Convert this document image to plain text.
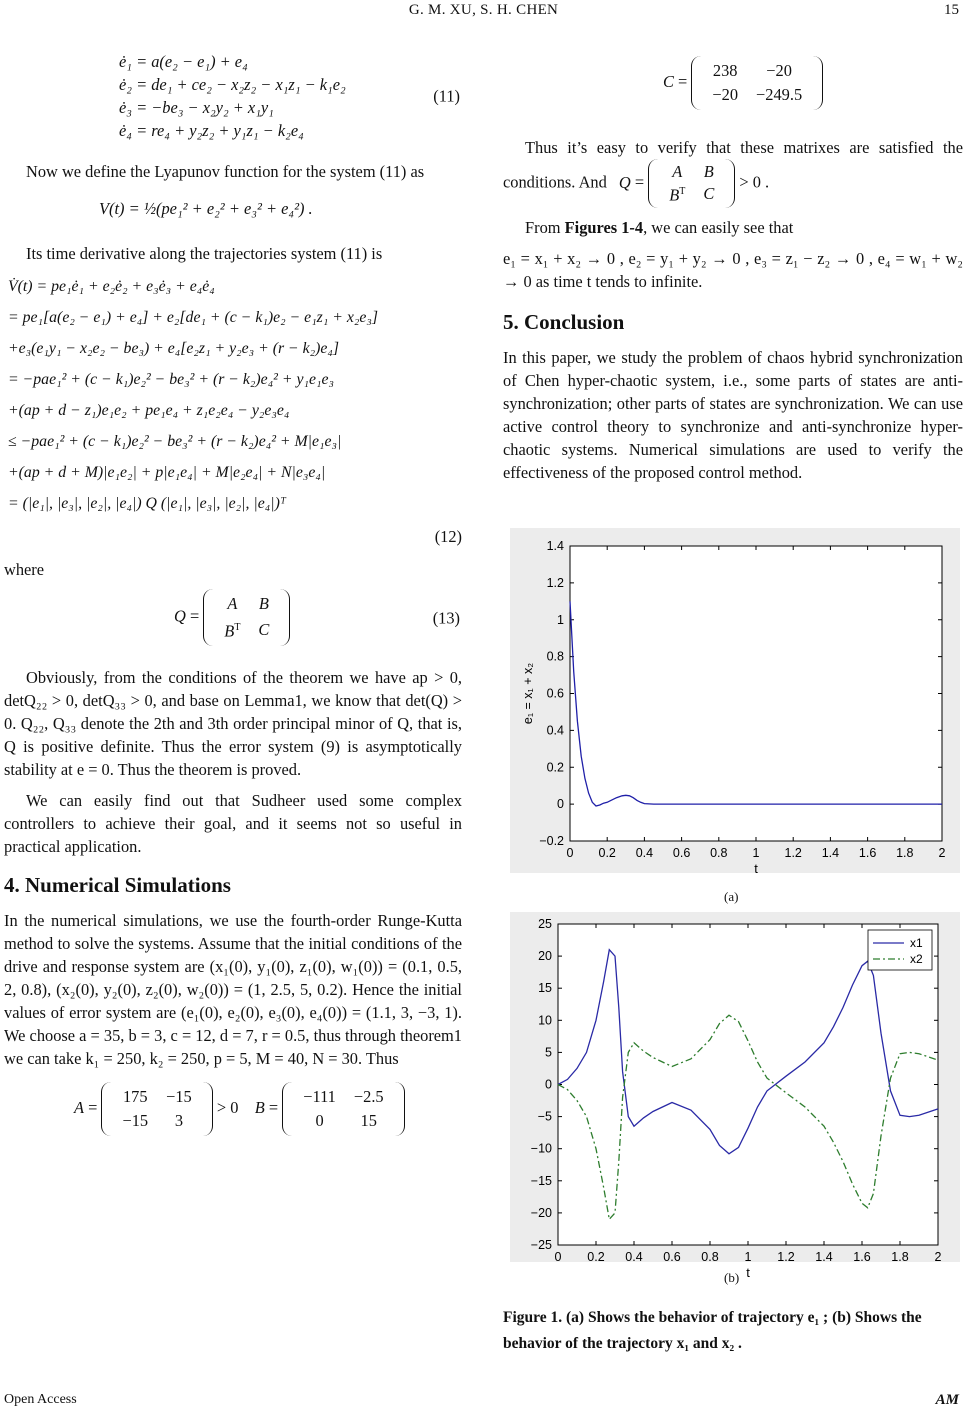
G. M. XU, S. H. CHEN	15
ė₁ = a(e₂ − e₁) + e₄
ė₂ = de₁ + ce₂ − x₂z₂ − x₁z₁ − k₁e₂
ė₃ = −be₃ − x₂y₂ + x₁y₁
ė₄ = re₄ + y₂z₂ + y₁z₁ − k₂e₄
(11)
Now we define the Lyapunov function for the system (11) as
V(t) = ½(pe₁² + e₂² + e₃² + e₄²) .
Its time derivative along the trajectories system (11) is
V̇(t) = pe₁ė₁ + e₂ė₂ + e₃ė₃ + e₄ė₄
= pe₁[a(e₂ − e₁) + e₄] + e₂[de₁ + (c − k₁)e₂ − e₁z₁ + x₂e₃]
+e₃(e₁y₁ − x₂e₂ − be₃) + e₄[e₂z₁ + y₂e₃ + (r − k₂)e₄]
= −pae₁² + (c − k₁)e₂² − be₃² + (r − k₂)e₄² + y₁e₁e₃
+(ap + d − z₁)e₁e₂ + pe₁e₄ + z₁e₂e₄ − y₂e₃e₄
≤ −pae₁² + (c − k₁)e₂² − be₃² + (r − k₂)e₄² + M|e₁e₃|
+(ap + d + M)|e₁e₂| + p|e₁e₄| + M|e₂e₄| + N|e₃e₄|
= (|e₁|, |e₃|, |e₂|, |e₄|) Q (|e₁|, |e₃|, |e₂|, |e₄|)ᵀ
(12)
where
Q = A	B
$B^T$	C
(13)
Obviously, from the conditions of the theorem we have ap > 0, detQ₂₂ > 0, detQ₃₃ > 0, and base on Lemma1, we know that det(Q) > 0. Q₂₂, Q₃₃ denote the 2th and 3th order principal minor of Q, that is, Q is positive definite. Thus the error system (9) is asymptotically stability at e = 0. Thus the theorem is proved.
We can easily find out that Sudheer used some complex controllers to achieve their goal, and it seems not so useful in practical application.
4. Numerical Simulations
In the numerical simulations, we use the fourth-order Runge-Kutta method to solve the systems. Assume that the initial conditions of the drive and response system are (x₁(0), y₁(0), z₁(0), w₁(0)) = (0.1, 0.5, 2, 0.8), (x₂(0), y₂(0), z₂(0), w₂(0)) = (1, 2.5, 5, 0.2). Hence the initial values of error system are (e₁(0), e₂(0), e₃(0), e₄(0)) = (1.1, 3, −3, 1). We choose a = 35, b = 3, c = 12, d = 7, r = 0.5, thus through theorem1 we can take k₁ = 250, k₂ = 250, p = 5, M = 40, N = 30. Thus
A = 175	−15
−15	3 > 0    B = −111	−2.5
0	15
C = 238	−20
−20	−249.5
Thus it’s easy to verify that these matrixes are satisfied the conditions. And Q = A	B
$B^T$	C > 0 .
From Figures 1-4, we can easily see that
e₁ = x₁ + x₂ → 0 , e₂ = y₁ + y₂ → 0 , e₃ = z₁ − z₂ → 0 , e₄ = w₁ + w₂ → 0 as time t tends to infinite.
5. Conclusion
In this paper, we study the problem of chaos hybrid synchronization of Chen hyper-chaotic system, i.e., some parts of states are anti-synchronization; other parts of states are synchronization. We can use active control theory to synchronize and anti-synchronize hyper-chaotic systems. Numerical simulations are used to verify the effectiveness of the proposed control method.
0 0.2 0.4 0.6 0.8 1 1.2 1.4 1.6 1.8 2
−0.2
0
0.2
0.4
0.6
0.8
1
1.2
1.4
t
e₁ = x₁ + x₂
(a)
0 0.2 0.4 0.6 0.8 1 1.2 1.4 1.6 1.8 2
−25
−20
−15
−10
−5
0
5
10
15
20
25
t
x1
x2
(b)
Figure 1. (a) Shows the behavior of trajectory e₁ ; (b) Shows the behavior of the trajectory x₁ and x₂ .
Open Access	AM
